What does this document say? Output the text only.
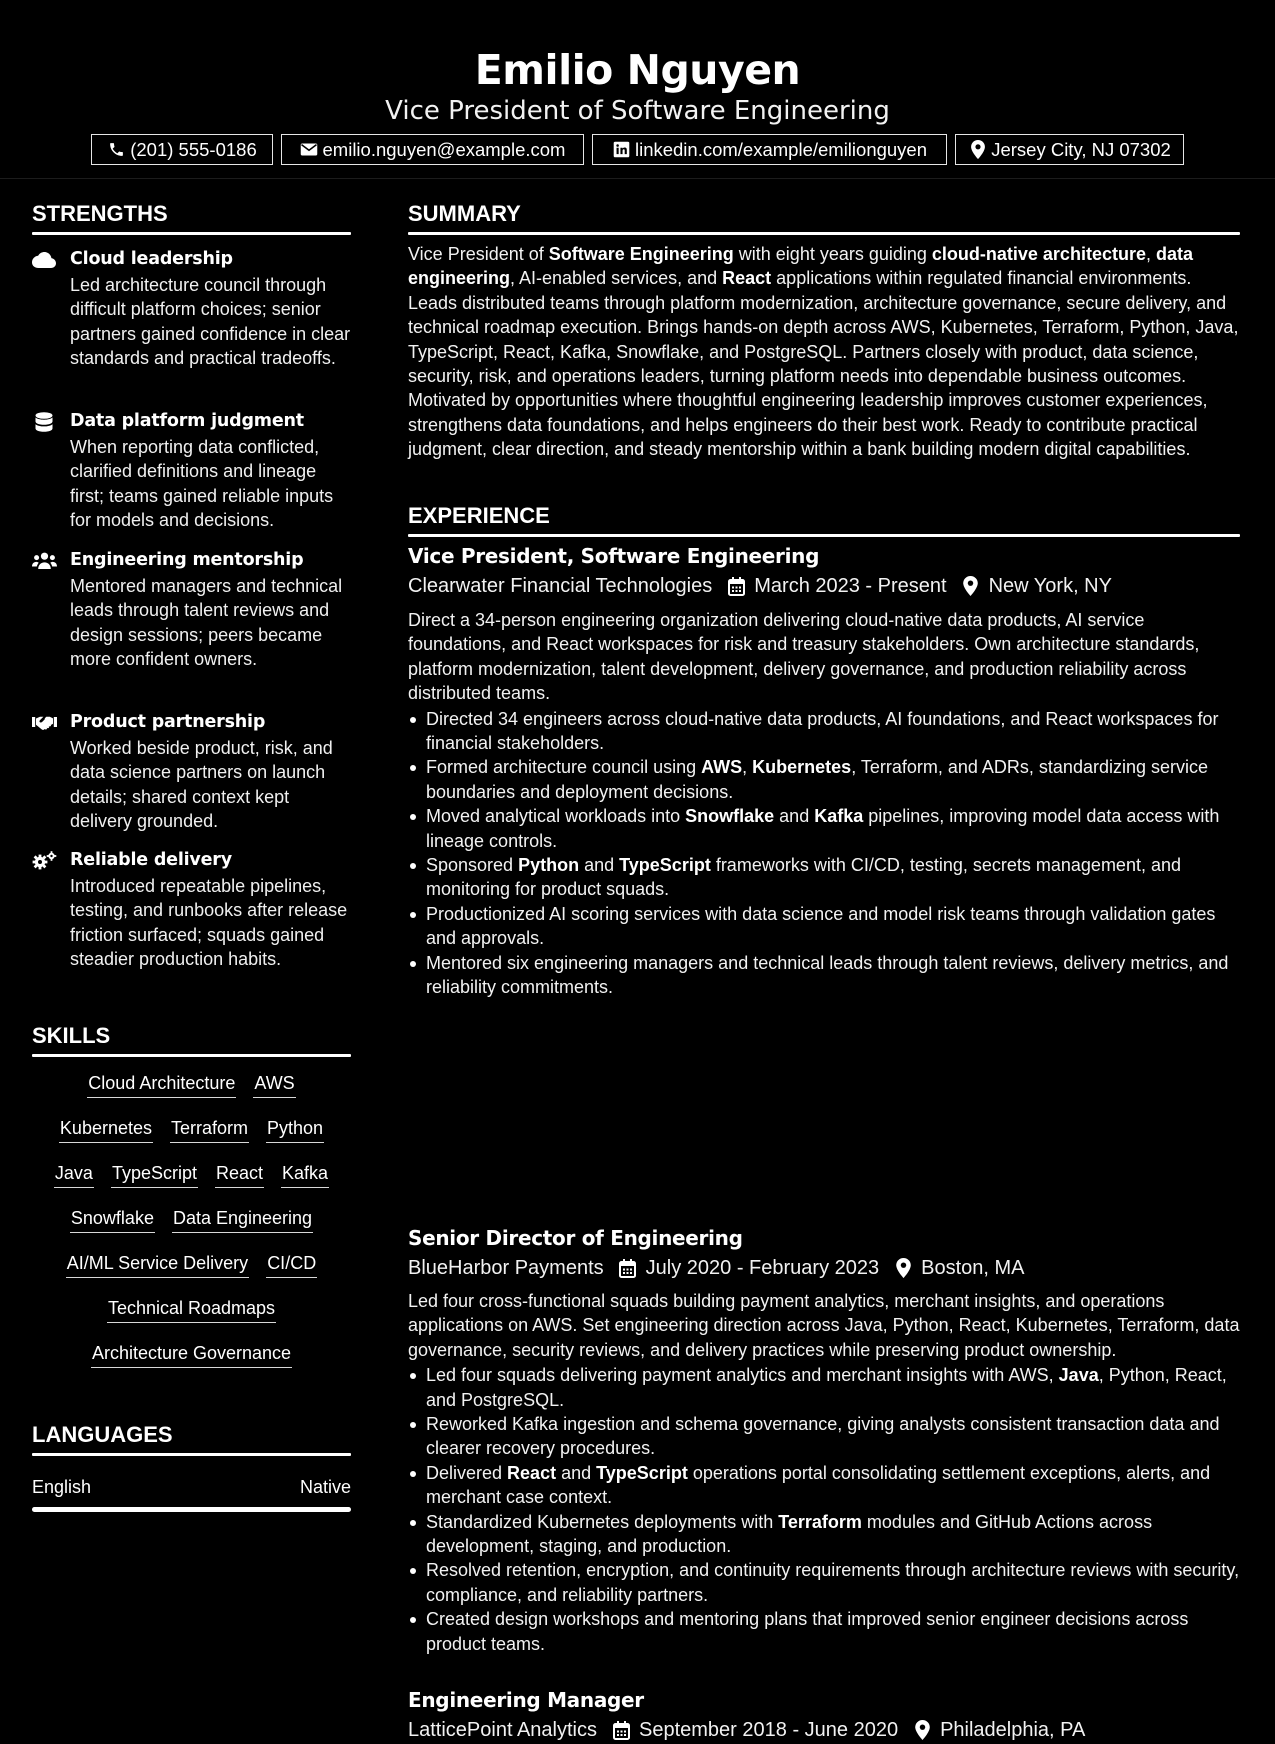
Emilio Nguyen
Vice President of Software Engineering
(201) 555-0186	emilio.nguyen@example.com	linkedin.com/example/emilionguyen	Jersey City, NJ 07302
STRENGTHS
Cloud leadership
Led architecture council through difficult platform choices; senior partners gained confidence in clear standards and practical tradeoffs.
Data platform judgment
When reporting data conflicted, clarified definitions and lineage first; teams gained reliable inputs for models and decisions.
Engineering mentorship
Mentored managers and technical leads through talent reviews and design sessions; peers became more confident owners.
Product partnership
Worked beside product, risk, and data science partners on launch details; shared context kept delivery grounded.
Reliable delivery
Introduced repeatable pipelines, testing, and runbooks after release friction surfaced; squads gained steadier production habits.
SKILLS
Cloud Architecture AWS
Kubernetes Terraform Python
Java TypeScript React Kafka
Snowflake Data Engineering
AI/ML Service Delivery CI/CD
Technical Roadmaps
Architecture Governance
LANGUAGES
English	Native
SUMMARY
Vice President of Software Engineering with eight years guiding cloud-native architecture, data engineering, AI-enabled services, and React applications within regulated financial environments. Leads distributed teams through platform modernization, architecture governance, secure delivery, and technical roadmap execution. Brings hands-on depth across AWS, Kubernetes, Terraform, Python, Java, TypeScript, React, Kafka, Snowflake, and PostgreSQL. Partners closely with product, data science, security, risk, and operations leaders, turning platform needs into dependable business outcomes. Motivated by opportunities where thoughtful engineering leadership improves customer experiences, strengthens data foundations, and helps engineers do their best work. Ready to contribute practical judgment, clear direction, and steady mentorship within a bank building modern digital capabilities.
EXPERIENCE
Vice President, Software Engineering
Clearwater Financial Technologies March 2023 - Present New York, NY
Direct a 34-person engineering organization delivering cloud-native data products, AI service foundations, and React workspaces for risk and treasury stakeholders. Own architecture standards, platform modernization, talent development, delivery governance, and production reliability across distributed teams.
Directed 34 engineers across cloud-native data products, AI foundations, and React workspaces for financial stakeholders.
Formed architecture council using AWS, Kubernetes, Terraform, and ADRs, standardizing service boundaries and deployment decisions.
Moved analytical workloads into Snowflake and Kafka pipelines, improving model data access with lineage controls.
Sponsored Python and TypeScript frameworks with CI/CD, testing, secrets management, and monitoring for product squads.
Productionized AI scoring services with data science and model risk teams through validation gates and approvals.
Mentored six engineering managers and technical leads through talent reviews, delivery metrics, and reliability commitments.
Senior Director of Engineering
BlueHarbor Payments July 2020 - February 2023 Boston, MA
Led four cross-functional squads building payment analytics, merchant insights, and operations applications on AWS. Set engineering direction across Java, Python, React, Kubernetes, Terraform, data governance, security reviews, and delivery practices while preserving product ownership.
Led four squads delivering payment analytics and merchant insights with AWS, Java, Python, React, and PostgreSQL.
Reworked Kafka ingestion and schema governance, giving analysts consistent transaction data and clearer recovery procedures.
Delivered React and TypeScript operations portal consolidating settlement exceptions, alerts, and merchant case context.
Standardized Kubernetes deployments with Terraform modules and GitHub Actions across development, staging, and production.
Resolved retention, encryption, and continuity requirements through architecture reviews with security, compliance, and reliability partners.
Created design workshops and mentoring plans that improved senior engineer decisions across product teams.
Engineering Manager
LatticePoint Analytics September 2018 - June 2020 Philadelphia, PA
